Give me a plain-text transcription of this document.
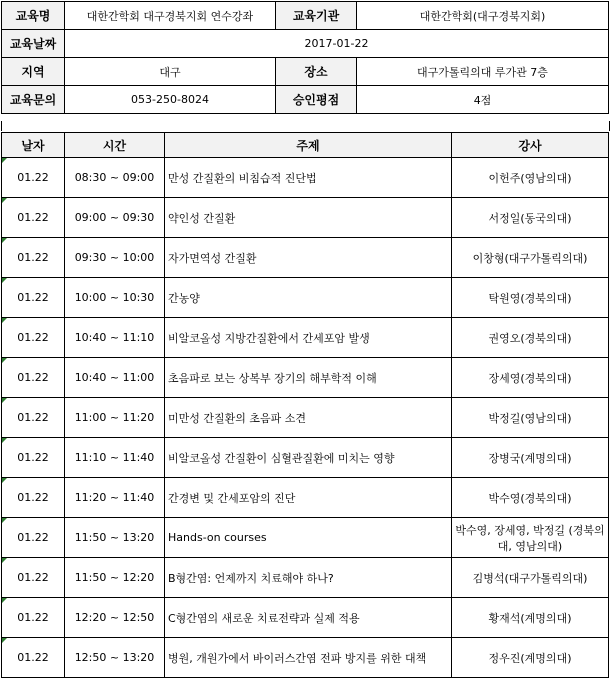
교육명	대한간학회 대구경북지회 연수강좌	교육기관	대한간학회(대구경북지회)
교육날짜	2017-01-22		
지역	대구	장소	대구가톨릭의대 루가관 7층
교육문의	053-250-8024	승인평점	4점
날자	시간	주제	강사

01.22	08:30 ~ 09:00	만성 간질환의 비침습적 진단법	이헌주(영남의대)

01.22	09:00 ~ 09:30	약인성 간질환	서정일(동국의대)

01.22	09:30 ~ 10:00	자가면역성 간질환	이창형(대구가톨릭의대)

01.22	10:00 ~ 10:30	간농양	탁원영(경북의대)

01.22	10:40 ~ 11:10	비알코올성 지방간질환에서 간세포암 발생	권영오(경북의대)

01.22	10:40 ~ 11:00	초음파로 보는 상복부 장기의 해부학적 이해	장세영(경북의대)

01.22	11:00 ~ 11:20	미만성 간질환의 초음파 소견	박정길(영남의대)

01.22	11:10 ~ 11:40	비알코올성 간질환이 심혈관질환에 미치는 영향	장병국(계명의대)

01.22	11:20 ~ 11:40	간경변 및 간세포암의 진단	박수영(경북의대)

01.22	11:50 ~ 13:20	Hands-on courses	박수영, 장세영, 박정길 (경북의대, 영남의대)

01.22	11:50 ~ 12:20	B형간염: 언제까지 치료해야 하나?	김병석(대구가톨릭의대)

01.22	12:20 ~ 12:50	C형간염의 새로운 치료전략과 실제 적용	황재석(계명의대)

01.22	12:50 ~ 13:20	병원, 개원가에서 바이러스간염 전파 방지를 위한 대책	정우진(계명의대)
